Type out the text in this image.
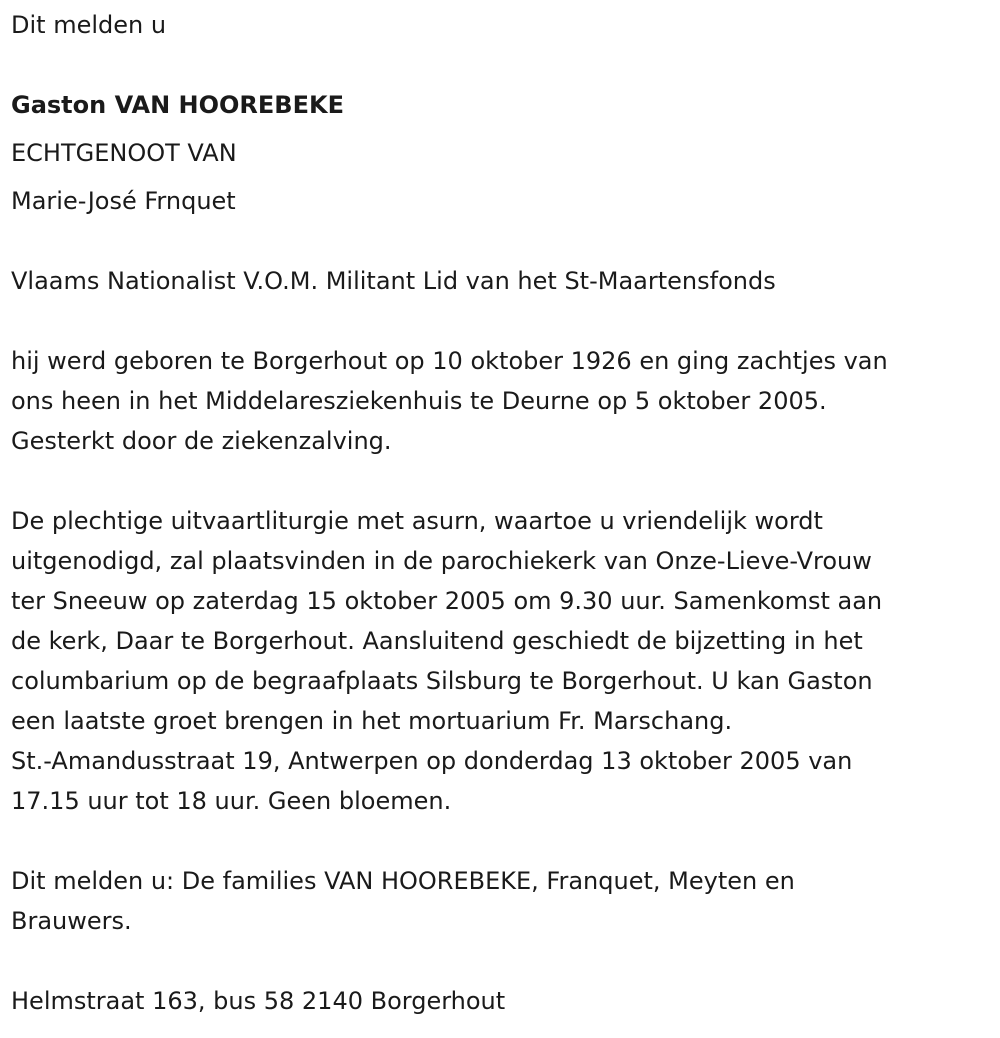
Dit melden u
Gaston VAN HOOREBEKE
ECHTGENOOT VAN
Marie-José Frnquet
Vlaams Nationalist V.O.M. Militant Lid van het St-Maartensfonds
hij werd geboren te Borgerhout op 10 oktober 1926 en ging zachtjes van
ons heen in het Middelaresziekenhuis te Deurne op 5 oktober 2005.
Gesterkt door de ziekenzalving.
De plechtige uitvaartliturgie met asurn, waartoe u vriendelijk wordt
uitgenodigd, zal plaatsvinden in de parochiekerk van Onze-Lieve-Vrouw
ter Sneeuw op zaterdag 15 oktober 2005 om 9.30 uur. Samenkomst aan
de kerk, Daar te Borgerhout. Aansluitend geschiedt de bijzetting in het
columbarium op de begraafplaats Silsburg te Borgerhout. U kan Gaston
een laatste groet brengen in het mortuarium Fr. Marschang.
St.-Amandusstraat 19, Antwerpen op donderdag 13 oktober 2005 van
17.15 uur tot 18 uur. Geen bloemen.
Dit melden u: De families VAN HOOREBEKE, Franquet, Meyten en
Brauwers.
Helmstraat 163, bus 58 2140 Borgerhout
